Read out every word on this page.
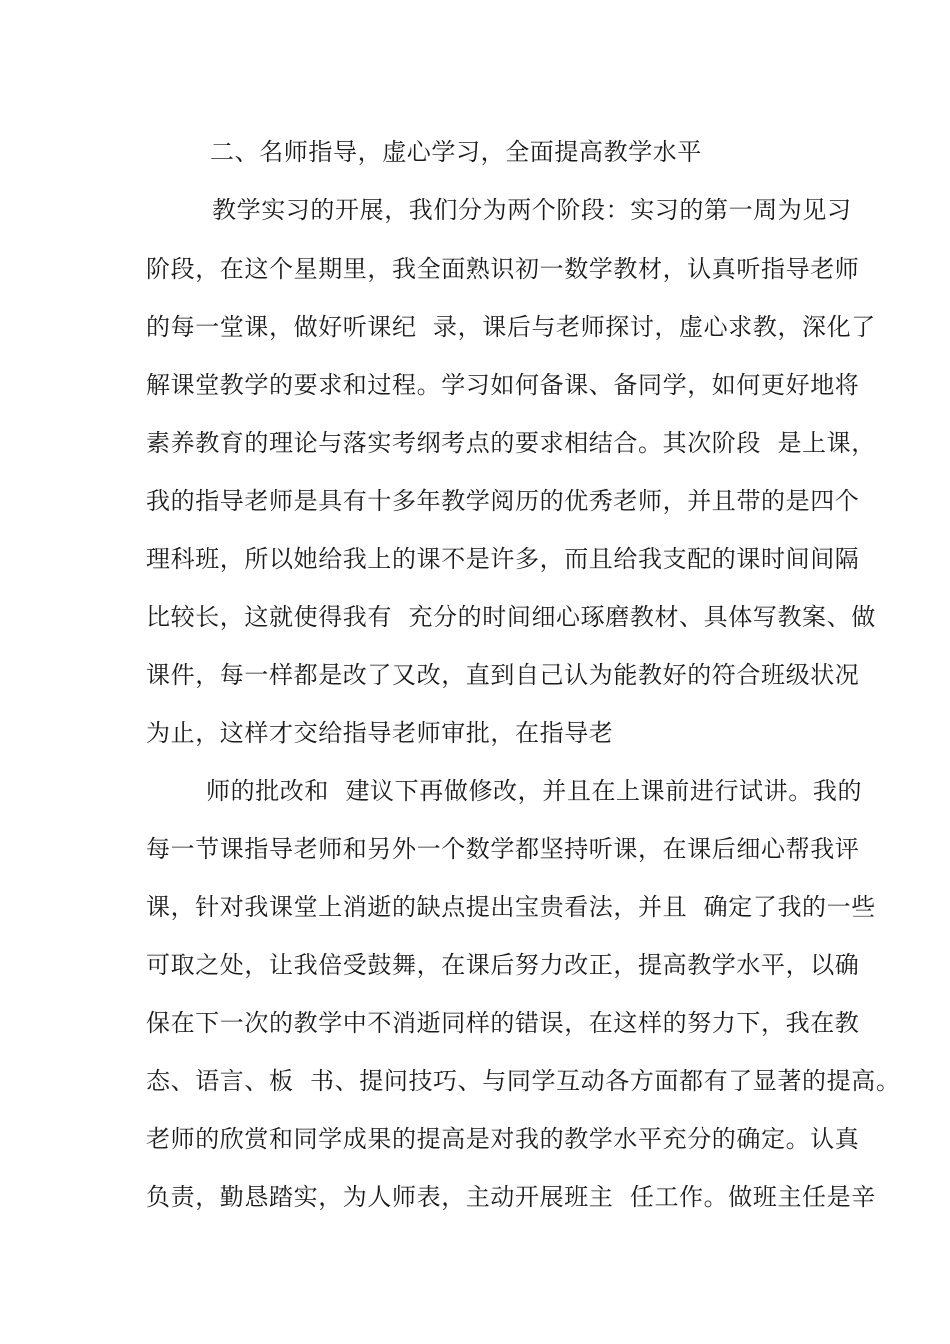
二、名师指导，虚心学习，全面提高教学水平
教学实习的开展，我们分为两个阶段：实习的第一周为见习
阶段，在这个星期里，我全面熟识初一数学教材，认真听指导老师
的每一堂课，做好听课纪  录，课后与老师探讨，虚心求教，深化了
解课堂教学的要求和过程。学习如何备课、备同学，如何更好地将
素养教育的理论与落实考纲考点的要求相结合。其次阶段  是上课，
我的指导老师是具有十多年教学阅历的优秀老师，并且带的是四个
理科班，所以她给我上的课不是许多，而且给我支配的课时间间隔
比较长，这就使得我有  充分的时间细心琢磨教材、具体写教案、做
课件，每一样都是改了又改，直到自己认为能教好的符合班级状况
为止，这样才交给指导老师审批，在指导老
师的批改和  建议下再做修改，并且在上课前进行试讲。我的
每一节课指导老师和另外一个数学都坚持听课，在课后细心帮我评
课，针对我课堂上消逝的缺点提出宝贵看法，并且  确定了我的一些
可取之处，让我倍受鼓舞，在课后努力改正，提高教学水平，以确
保在下一次的教学中不消逝同样的错误，在这样的努力下，我在教
态、语言、板  书、提问技巧、与同学互动各方面都有了显著的提高。
老师的欣赏和同学成果的提高是对我的教学水平充分的确定。认真
负责，勤恳踏实，为人师表，主动开展班主  任工作。做班主任是辛
